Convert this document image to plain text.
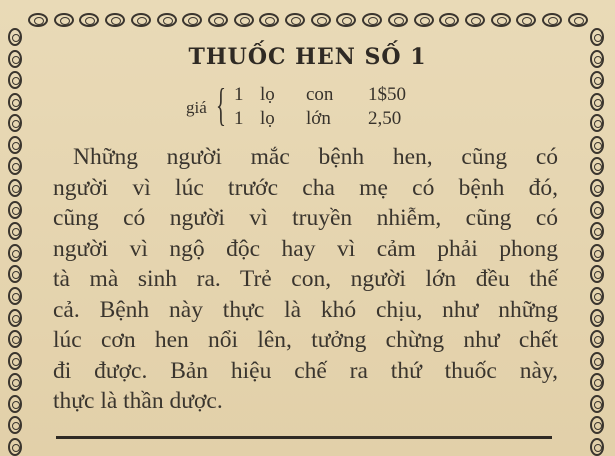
THUỐC HEN SỐ 1
giá { 1 lọ	con	1$50
1 lọ	lớn	2,50
Những người mắc bệnh hen, cũng có
người vì lúc trước cha mẹ có bệnh đó,
cũng có người vì truyền nhiễm, cũng có
người vì ngộ độc hay vì cảm phải phong
tà mà sinh ra. Trẻ con, người lớn đều thế
cả. Bệnh này thực là khó chịu, như những
lúc cơn hen nổi lên, tưởng chừng như chết
đi được. Bản hiệu chế ra thứ thuốc này,
thực là thần dược.
